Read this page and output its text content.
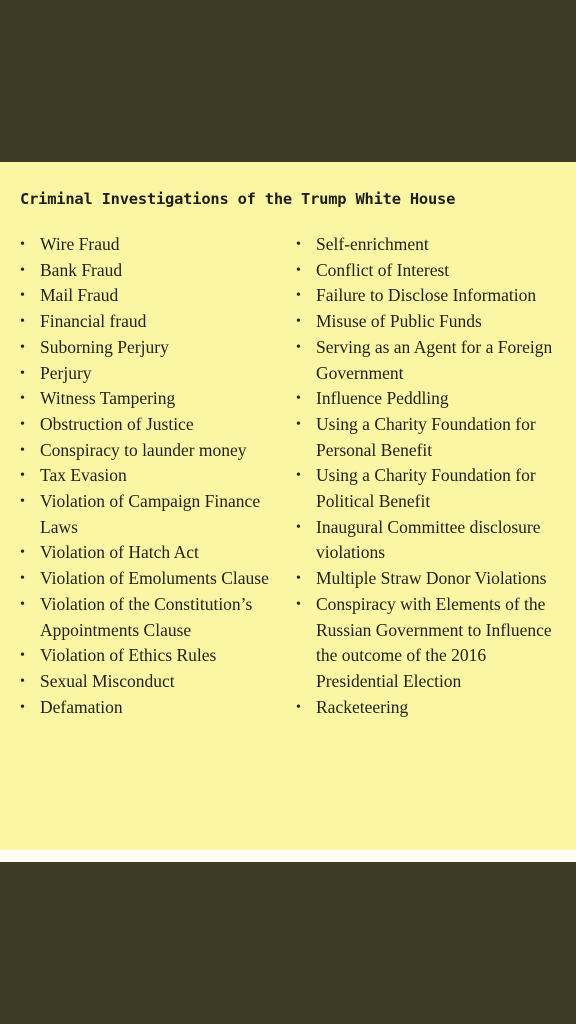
Criminal Investigations of the Trump White House
• Wire Fraud
• Bank Fraud
• Mail Fraud
• Financial fraud
• Suborning Perjury
• Perjury
• Witness Tampering
• Obstruction of Justice
• Conspiracy to launder money
• Tax Evasion
• Violation of Campaign Finance Laws
• Violation of Hatch Act
• Violation of Emoluments Clause
• Violation of the Constitution’s Appointments Clause
• Violation of Ethics Rules
• Sexual Misconduct
• Defamation
• Self-enrichment
• Conflict of Interest
• Failure to Disclose Information
• Misuse of Public Funds
• Serving as an Agent for a Foreign Government
• Influence Peddling
• Using a Charity Foundation for Personal Benefit
• Using a Charity Foundation for Political Benefit
• Inaugural Committee disclosure violations
• Multiple Straw Donor Violations
• Conspiracy with Elements of the Russian Government to Influence the outcome of the 2016 Presidential Election
• Racketeering
